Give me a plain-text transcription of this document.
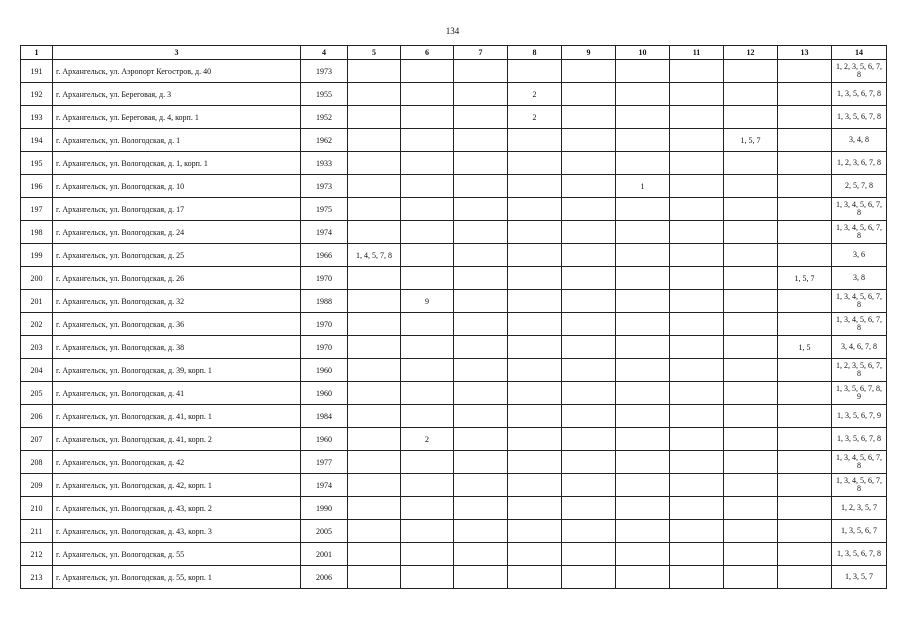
134
1	3	4	5	6	7	8	9	10	11	12	13	14
191	г. Архангельск, ул. Аэропорт Кегостров, д. 40	1973										1, 2, 3, 5, 6, 7, 8
192	г. Архангельск, ул. Береговая, д. 3	1955				2						1, 3, 5, 6, 7, 8
193	г. Архангельск, ул. Береговая, д. 4, корп. 1	1952				2						1, 3, 5, 6, 7, 8
194	г. Архангельск, ул. Вологодская, д. 1	1962								1, 5, 7		3, 4, 8
195	г. Архангельск, ул. Вологодская, д. 1, корп. 1	1933										1, 2, 3, 6, 7, 8
196	г. Архангельск, ул. Вологодская, д. 10	1973						1				2, 5, 7, 8
197	г. Архангельск, ул. Вологодская, д. 17	1975										1, 3, 4, 5, 6, 7, 8
198	г. Архангельск, ул. Вологодская, д. 24	1974										1, 3, 4, 5, 6, 7, 8
199	г. Архангельск, ул. Вологодская, д. 25	1966	1, 4, 5, 7, 8									3, 6
200	г. Архангельск, ул. Вологодская, д. 26	1970									1, 5, 7	3, 8
201	г. Архангельск, ул. Вологодская, д. 32	1988		9								1, 3, 4, 5, 6, 7, 8
202	г. Архангельск, ул. Вологодская, д. 36	1970										1, 3, 4, 5, 6, 7, 8
203	г. Архангельск, ул. Вологодская, д. 38	1970									1, 5	3, 4, 6, 7, 8
204	г. Архангельск, ул. Вологодская, д. 39, корп. 1	1960										1, 2, 3, 5, 6, 7, 8
205	г. Архангельск, ул. Вологодская, д. 41	1960										1, 3, 5, 6, 7, 8, 9
206	г. Архангельск, ул. Вологодская, д. 41, корп. 1	1984										1, 3, 5, 6, 7, 9
207	г. Архангельск, ул. Вологодская, д. 41, корп. 2	1960		2								1, 3, 5, 6, 7, 8
208	г. Архангельск, ул. Вологодская, д. 42	1977										1, 3, 4, 5, 6, 7, 8
209	г. Архангельск, ул. Вологодская, д. 42, корп. 1	1974										1, 3, 4, 5, 6, 7, 8
210	г. Архангельск, ул. Вологодская, д. 43, корп. 2	1990										1, 2, 3, 5, 7
211	г. Архангельск, ул. Вологодская, д. 43, корп. 3	2005										1, 3, 5, 6, 7
212	г. Архангельск, ул. Вологодская, д. 55	2001										1, 3, 5, 6, 7, 8
213	г. Архангельск, ул. Вологодская, д. 55, корп. 1	2006										1, 3, 5, 7
